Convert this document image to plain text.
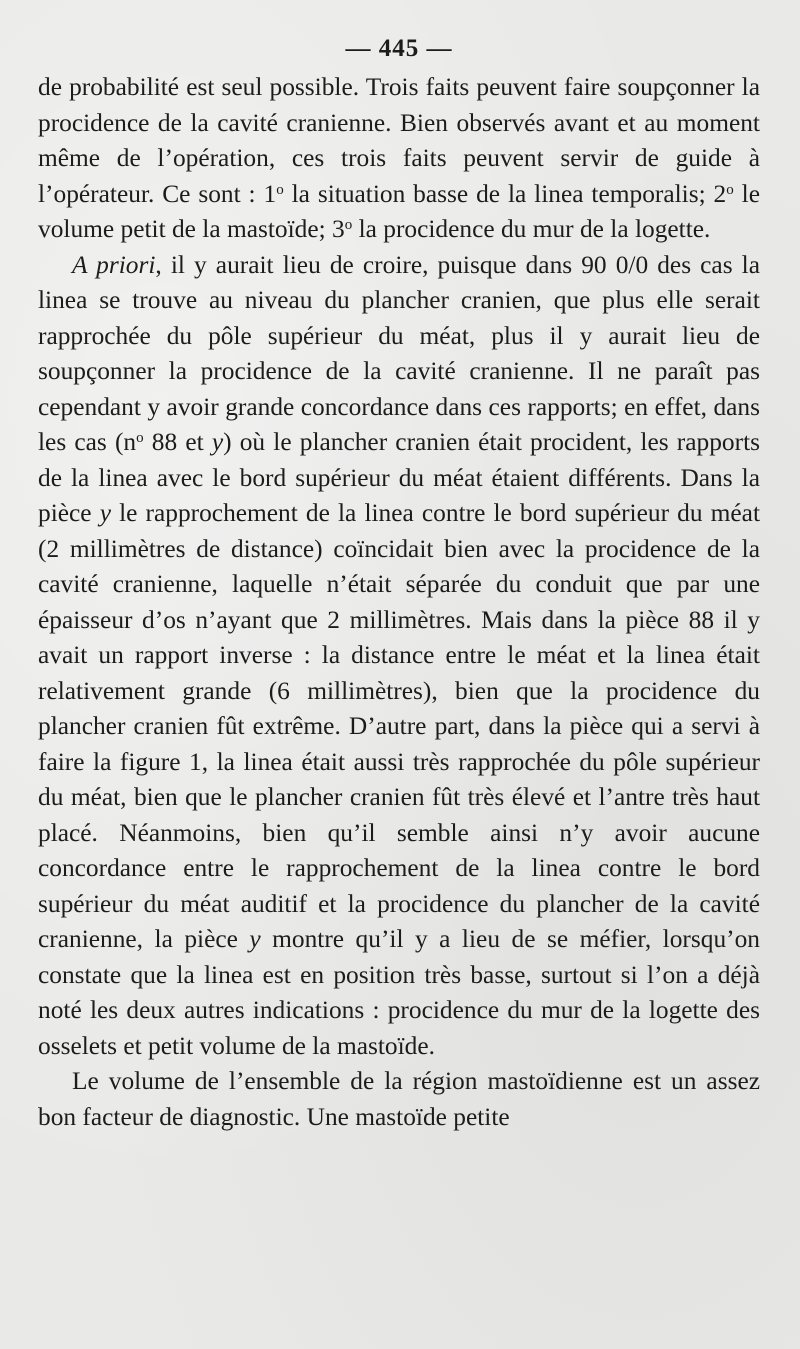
— 445 —

de probabilité est seul possible. Trois faits peuvent faire soupçonner la procidence de la cavité cranienne. Bien observés avant et au moment même de l’opération, ces trois faits peuvent servir de guide à l’opérateur. Ce sont : 1$^o$ la situation basse de la linea temporalis; 2$^o$ le volume petit de la mastoïde; 3$^o$ la procidence du mur de la logette.

A priori, il y aurait lieu de croire, puisque dans 90 0/0 des cas la linea se trouve au niveau du plancher cranien, que plus elle serait rapprochée du pôle supérieur du méat, plus il y aurait lieu de soupçonner la procidence de la cavité cranienne. Il ne paraît pas cependant y avoir grande concordance dans ces rapports; en effet, dans les cas ($n^o$ 88 et y) où le plancher cranien était procident, les rapports de la linea avec le bord supérieur du méat étaient différents. Dans la pièce y le rapprochement de la linea contre le bord supérieur du méat (2 millimètres de distance) coïncidait bien avec la procidence de la cavité cranienne, laquelle n’était séparée du conduit que par une épaisseur d’os n’ayant que 2 millimètres. Mais dans la pièce 88 il y avait un rapport inverse : la distance entre le méat et la linea était relativement grande (6 millimètres), bien que la procidence du plancher cranien fût extrême. D’autre part, dans la pièce qui a servi à faire la figure 1, la linea était aussi très rapprochée du pôle supérieur du méat, bien que le plancher cranien fût très élevé et l’antre très haut placé. Néanmoins, bien qu’il semble ainsi n’y avoir aucune concordance entre le rapprochement de la linea contre le bord supérieur du méat auditif et la procidence du plancher de la cavité cranienne, la pièce y montre qu’il y a lieu de se méfier, lorsqu’on constate que la linea est en position très basse, surtout si l’on a déjà noté les deux autres indications : procidence du mur de la logette des osselets et petit volume de la mastoïde.

Le volume de l’ensemble de la région mastoïdienne est un assez bon facteur de diagnostic. Une mastoïde petite
